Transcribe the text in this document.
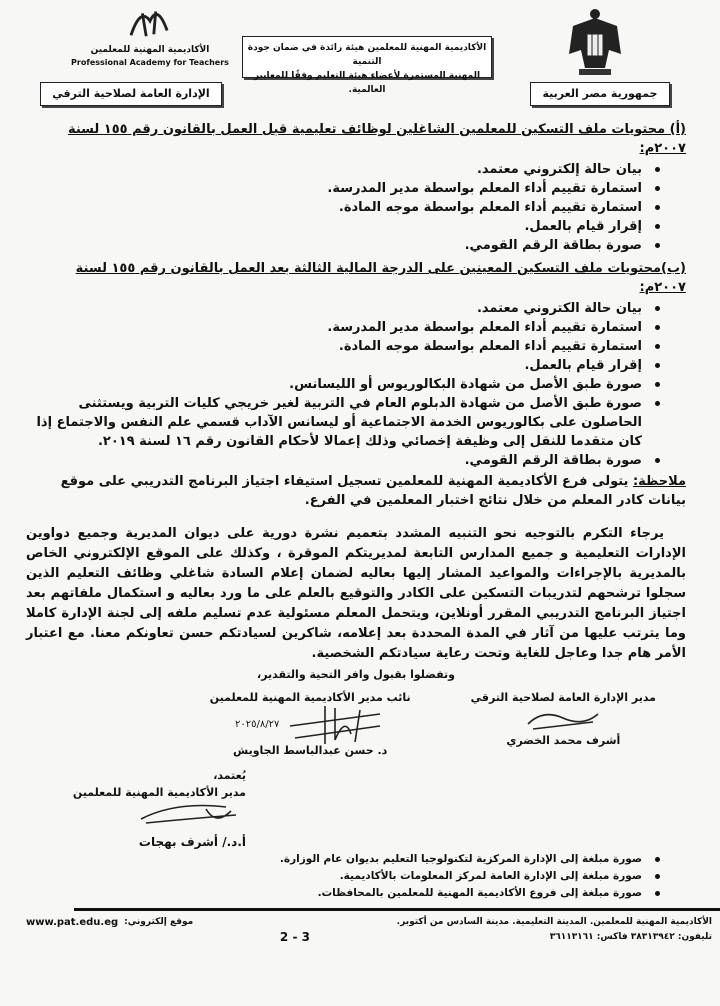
جمهورية مصر العربية
الأكاديمية المهنية للمعلمين
Professional Academy for Teachers
الإدارة العامة لصلاحية الترقي
الأكاديمية المهنية للمعلمين هيئة رائدة في ضمان جودة التنمية
المهنية المستمرة لأعضاء هيئة التعليم وفقًا للمعايير العالمية.
(أ) محتويات ملف التسكين للمعلمين الشاغلين لوظائف تعليمية قبل العمل بالقانون رقم ١٥٥ لسنة ٢٠٠٧م:
بيان حالة إلكتروني معتمد.
استمارة تقييم أداء المعلم بواسطة مدير المدرسة.
استمارة تقييم أداء المعلم بواسطة موجه المادة.
إقرار قيام بالعمل.
صورة بطاقة الرقم القومي.
(ب)محتويات ملف التسكين المعينين على الدرجة المالية الثالثة بعد العمل بالقانون رقم ١٥٥ لسنة ٢٠٠٧م:
بيان حالة الكتروني معتمد.
استمارة تقييم أداء المعلم بواسطة مدير المدرسة.
استمارة تقييم أداء المعلم بواسطة موجه المادة.
إقرار قيام بالعمل.
صورة طبق الأصل من شهادة البكالوريوس أو الليسانس.
صورة طبق الأصل من شهادة الدبلوم العام في التربية لغير خريجي كليات التربية ويستثنى الحاصلون على بكالوريوس الخدمة الاجتماعية أو ليسانس الآداب قسمي علم النفس والاجتماع إذا كان متقدما للنقل إلى وظيفة إخصائي وذلك إعمالا لأحكام القانون رقم ١٦ لسنة ٢٠١٩.
صورة بطاقة الرقم القومي.
ملاحظة: يتولى فرع الأكاديمية المهنية للمعلمين تسجيل استيفاء اجتياز البرنامج التدريبي على موقع بيانات كادر المعلم من خلال نتائج اختبار المعلمين في الفرع.

يرجاء التكرم بالتوجيه نحو التنبيه المشدد بتعميم نشرة دورية على ديوان المديرية وجميع دواوين الإدارات التعليمية و جميع المدارس التابعة لمديريتكم الموقرة ، وكذلك على الموقع الإلكتروني الخاص بالمديرية بالإجراءات والمواعيد المشار إليها بعاليه لضمان إعلام السادة شاغلي وظائف التعليم الذين سجلوا ترشحهم لتدريبات التسكين على الكادر والتوقيع بالعلم على ما ورد بعاليه و استكمال ملفاتهم بعد اجتياز البرنامج التدريبي المقرر أونلاين، ويتحمل المعلم مسئولية عدم تسليم ملفه إلى لجنة الإدارة كاملا وما يترتب عليها من آثار في المدة المحددة بعد إعلامه، شاكرين لسيادتكم حسن تعاونكم معنا. مع اعتبار الأمر هام جدا وعاجل للغاية وتحت رعاية سيادتكم الشخصية.

وتفضلوا بقبول وافر التحية والتقدير،
مدير الإدارة العامة لصلاحية الترقي
أشرف محمد الخضري
نائب مدير الأكاديمية المهنية للمعلمين
٢٠٢٥/٨/٢٧
د. حسن عبدالباسط الجاويش
يُعتمد،
مدير الأكاديمية المهنية للمعلمين
أ.د./ أشرف بهجات
صورة مبلغة إلى الإدارة المركزية لتكنولوجيا التعليم بديوان عام الوزارة.
صورة مبلغة إلى الإدارة العامة لمركز المعلومات بالأكاديمية.
صورة مبلغة إلى فروع الأكاديمية المهنية للمعلمين بالمحافظات.
الأكاديمية المهنية للمعلمين. المدينة التعليمية. مدينة السادس من أكتوبر.
تليفون: ٣٨٣١٣٩٤٢ فاكس: ٣٦١١٣١٦١
2 - 3
موقع إلكتروني:
www.pat.edu.eg
